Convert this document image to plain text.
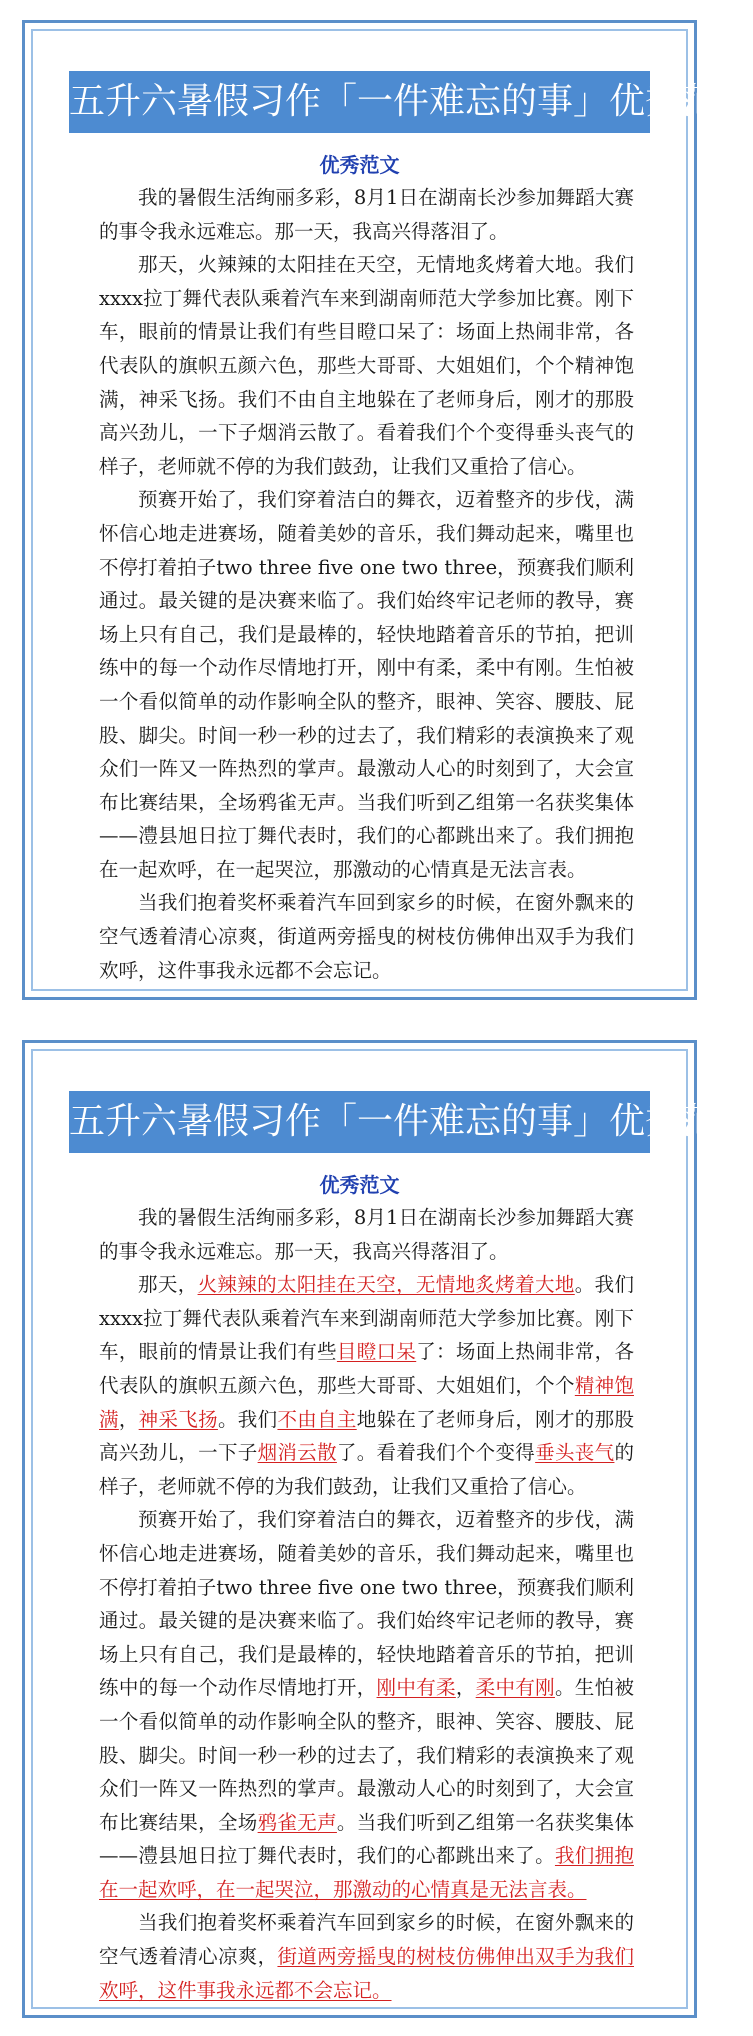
五升六暑假习作「一件难忘的事」优秀范文
优秀范文

我的暑假生活绚丽多彩，8月1日在湖南长沙参加舞蹈大赛的事令我永远难忘。那一天，我高兴得落泪了。

那天，火辣辣的太阳挂在天空，无情地炙烤着大地。我们xxxx拉丁舞代表队乘着汽车来到湖南师范大学参加比赛。刚下车，眼前的情景让我们有些目瞪口呆了：场面上热闹非常，各代表队的旗帜五颜六色，那些大哥哥、大姐姐们，个个精神饱满，神采飞扬。我们不由自主地躲在了老师身后，刚才的那股高兴劲儿，一下子烟消云散了。看着我们个个变得垂头丧气的样子，老师就不停的为我们鼓劲，让我们又重拾了信心。

预赛开始了，我们穿着洁白的舞衣，迈着整齐的步伐，满怀信心地走进赛场，随着美妙的音乐，我们舞动起来，嘴里也不停打着拍子two three five one two three，预赛我们顺利通过。最关键的是决赛来临了。我们始终牢记老师的教导，赛场上只有自己，我们是最棒的，轻快地踏着音乐的节拍，把训练中的每一个动作尽情地打开，刚中有柔，柔中有刚。生怕被一个看似简单的动作影响全队的整齐，眼神、笑容、腰肢、屁股、脚尖。时间一秒一秒的过去了，我们精彩的表演换来了观众们一阵又一阵热烈的掌声。最激动人心的时刻到了，大会宣布比赛结果，全场鸦雀无声。当我们听到乙组第一名获奖集体——澧县旭日拉丁舞代表时，我们的心都跳出来了。我们拥抱在一起欢呼，在一起哭泣，那激动的心情真是无法言表。

当我们抱着奖杯乘着汽车回到家乡的时候，在窗外飘来的空气透着清心凉爽，街道两旁摇曳的树枝仿佛伸出双手为我们欢呼，这件事我永远都不会忘记。

五升六暑假习作「一件难忘的事」优秀范文
优秀范文

我的暑假生活绚丽多彩，8月1日在湖南长沙参加舞蹈大赛的事令我永远难忘。那一天，我高兴得落泪了。

那天，火辣辣的太阳挂在天空，无情地炙烤着大地。我们xxxx拉丁舞代表队乘着汽车来到湖南师范大学参加比赛。刚下车，眼前的情景让我们有些目瞪口呆了：场面上热闹非常，各代表队的旗帜五颜六色，那些大哥哥、大姐姐们，个个精神饱满，神采飞扬。我们不由自主地躲在了老师身后，刚才的那股高兴劲儿，一下子烟消云散了。看着我们个个变得垂头丧气的样子，老师就不停的为我们鼓劲，让我们又重拾了信心。

预赛开始了，我们穿着洁白的舞衣，迈着整齐的步伐，满怀信心地走进赛场，随着美妙的音乐，我们舞动起来，嘴里也不停打着拍子two three five one two three，预赛我们顺利通过。最关键的是决赛来临了。我们始终牢记老师的教导，赛场上只有自己，我们是最棒的，轻快地踏着音乐的节拍，把训练中的每一个动作尽情地打开，刚中有柔，柔中有刚。生怕被一个看似简单的动作影响全队的整齐，眼神、笑容、腰肢、屁股、脚尖。时间一秒一秒的过去了，我们精彩的表演换来了观众们一阵又一阵热烈的掌声。最激动人心的时刻到了，大会宣布比赛结果，全场鸦雀无声。当我们听到乙组第一名获奖集体——澧县旭日拉丁舞代表时，我们的心都跳出来了。我们拥抱在一起欢呼，在一起哭泣，那激动的心情真是无法言表。

当我们抱着奖杯乘着汽车回到家乡的时候，在窗外飘来的空气透着清心凉爽，街道两旁摇曳的树枝仿佛伸出双手为我们欢呼，这件事我永远都不会忘记。
